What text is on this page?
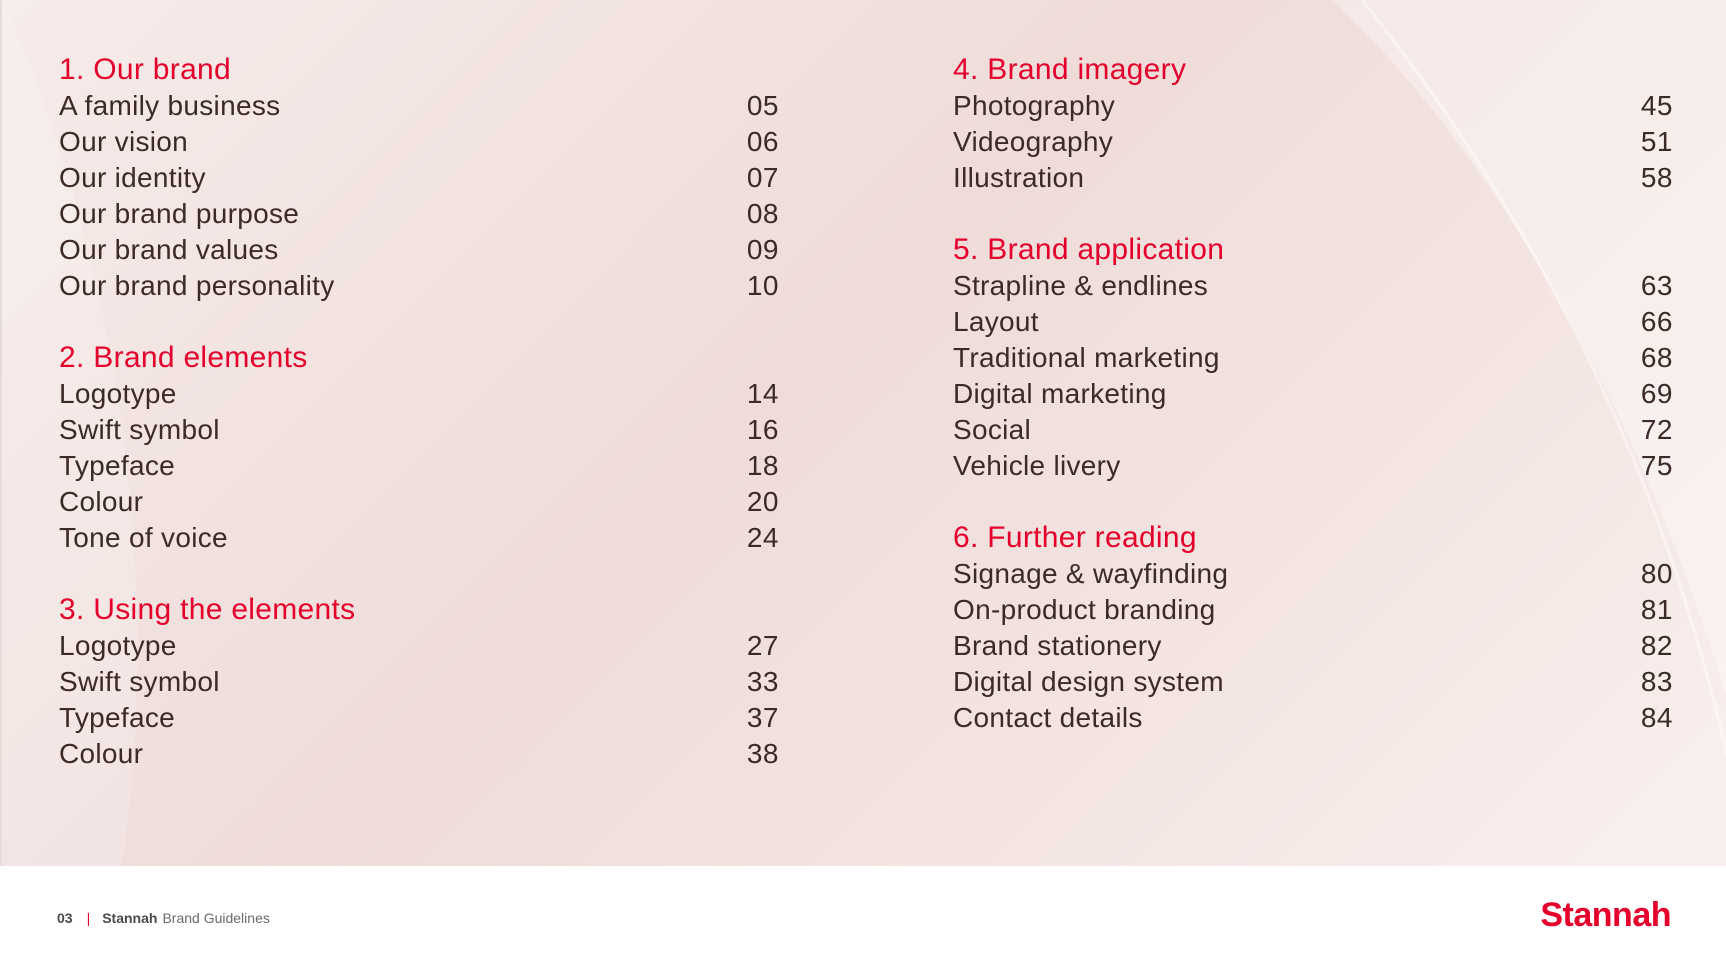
1. Our brand
A family business	05
Our vision	06
Our identity	07
Our brand purpose	08
Our brand values	09
Our brand personality	10
2. Brand elements
Logotype	14
Swift symbol	16
Typeface	18
Colour	20
Tone of voice	24
3. Using the elements
Logotype	27
Swift symbol	33
Typeface	37
Colour	38
4. Brand imagery
Photography	45
Videography	51
Illustration	58
5. Brand application
Strapline & endlines	63
Layout	66
Traditional marketing	68
Digital marketing	69
Social	72
Vehicle livery	75
6. Further reading
Signage & wayfinding	80
On-product branding	81
Brand stationery	82
Digital design system	83
Contact details	84
03 | Stannah Brand Guidelines	Stannah
